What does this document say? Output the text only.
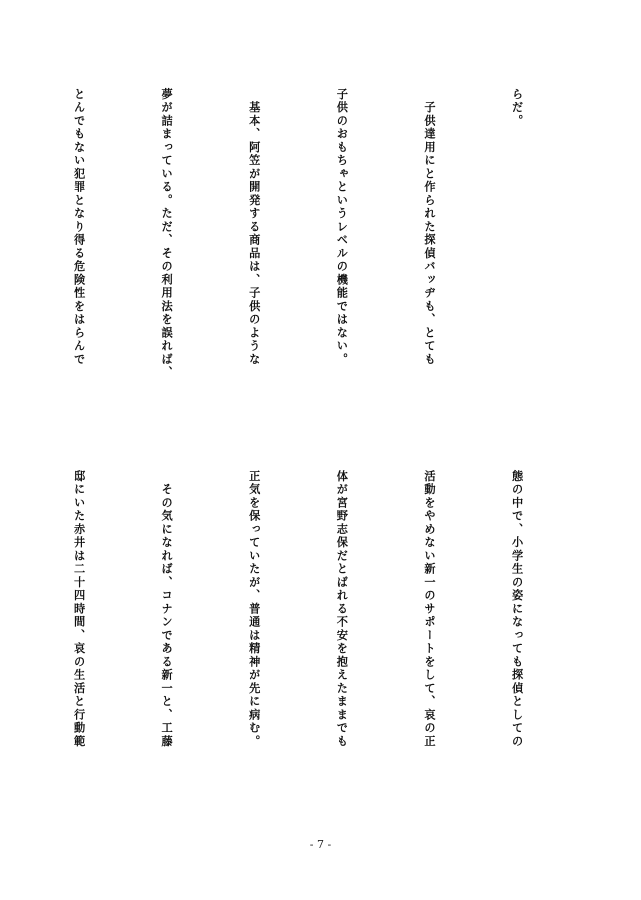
らだ。

　子供達用にと作られた探偵バッヂも、とても

子供のおもちゃというレベルの機能ではない。

　基本、阿笠が開発する商品は、子供のような

夢が詰まっている。ただ、その利用法を誤れば、

とんでもない犯罪となり得る危険性をはらんで

態の中で、小学生の姿になっても探偵としての

活動をやめない新一のサポートをして、哀の正

体が宮野志保だとばれる不安を抱えたままでも

正気を保っていたが、普通は精神が先に病む。

　その気になれば、コナンである新一と、工藤

邸にいた赤井は二十四時間、哀の生活と行動範

- 7 -
